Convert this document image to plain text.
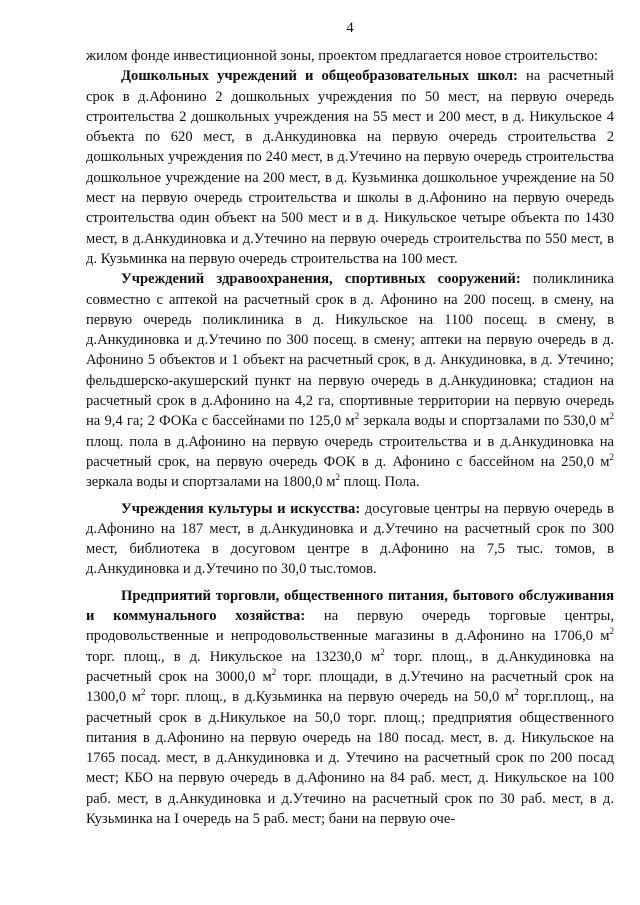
4

жилом фонде инвестиционной зоны, проектом предлагается новое строительство:

Дошкольных учреждений и общеобразовательных школ: на расчетный срок в д.Афонино 2 дошкольных учреждения по 50 мест, на первую очередь строительства 2 дошкольных учреждения на 55 мест и 200 мест, в д. Никульское 4 объекта по 620 мест, в д.Анкудиновка на первую очередь строительства 2 дошкольных учреждения по 240 мест, в д.Утечино на первую очередь строительства дошкольное учреждение на 200 мест, в д. Кузьминка дошкольное учреждение на 50 мест на первую очередь строительства и школы в д.Афонино на первую очередь строительства один объект на 500 мест и в д. Никульское четыре объекта по 1430 мест, в д.Анкудиновка и д.Утечино на первую очередь строительства по 550 мест, в д. Кузьминка на первую очередь строительства на 100 мест.

Учреждений здравоохранения, спортивных сооружений: поликлиника совместно с аптекой на расчетный срок в д. Афонино на 200 посещ. в смену, на первую очередь поликлиника в д. Никульское на 1100 посещ. в смену, в д.Анкудиновка и д.Утечино по 300 посещ. в смену; аптеки на первую очередь в д. Афонино 5 объектов и 1 объект на расчетный срок, в д. Анкудиновка, в д. Утечино; фельдшерско-акушерский пункт на первую очередь в д.Анкудиновка; стадион на расчетный срок в д.Афонино на 4,2 га, спортивные территории на первую очередь на 9,4 га; 2 ФОКа с бассейнами по 125,0 $м^2$ зеркала воды и спортзалами по 530,0 $м^2$ площ. пола в д.Афонино на первую очередь строительства и в д.Анкудиновка на расчетный срок, на первую очередь ФОК в д. Афонино с бассейном на 250,0 $м^2$ зеркала воды и спортзалами на 1800,0 $м^2$ площ. Пола.

Учреждения культуры и искусства: досуговые центры на первую очередь в д.Афонино на 187 мест, в д.Анкудиновка и д.Утечино на расчетный срок по 300 мест, библиотека в досуговом центре в д.Афонино на 7,5 тыс. томов, в д.Анкудиновка и д.Утечино по 30,0 тыс.томов.

Предприятий торговли, общественного питания, бытового обслуживания и коммунального хозяйства: на первую очередь торговые центры, продовольственные и непродовольственные магазины в д.Афонино на 1706,0 $м^2$ торг. площ., в д. Никульское на 13230,0 $м^2$ торг. площ., в д.Анкудиновка на расчетный срок на 3000,0 $м^2$ торг. площади, в д.Утечино на расчетный срок на 1300,0 $м^2$ торг. площ., в д.Кузьминка на первую очередь на 50,0 $м^2$ торг.площ., на расчетный срок в д.Никулькое на 50,0 торг. площ.; предприятия общественного питания в д.Афонино на первую очередь на 180 посад. мест, в. д. Никульское на 1765 посад. мест, в д.Анкудиновка и д. Утечино на расчетный срок по 200 посад мест; КБО на первую очередь в д.Афонино на 84 раб. мест, д. Никульское на 100 раб. мест, в д.Анкудиновка и д.Утечино на расчетный срок по 30 раб. мест, в д. Кузьминка на I очередь на 5 раб. мест; бани на первую оче-
